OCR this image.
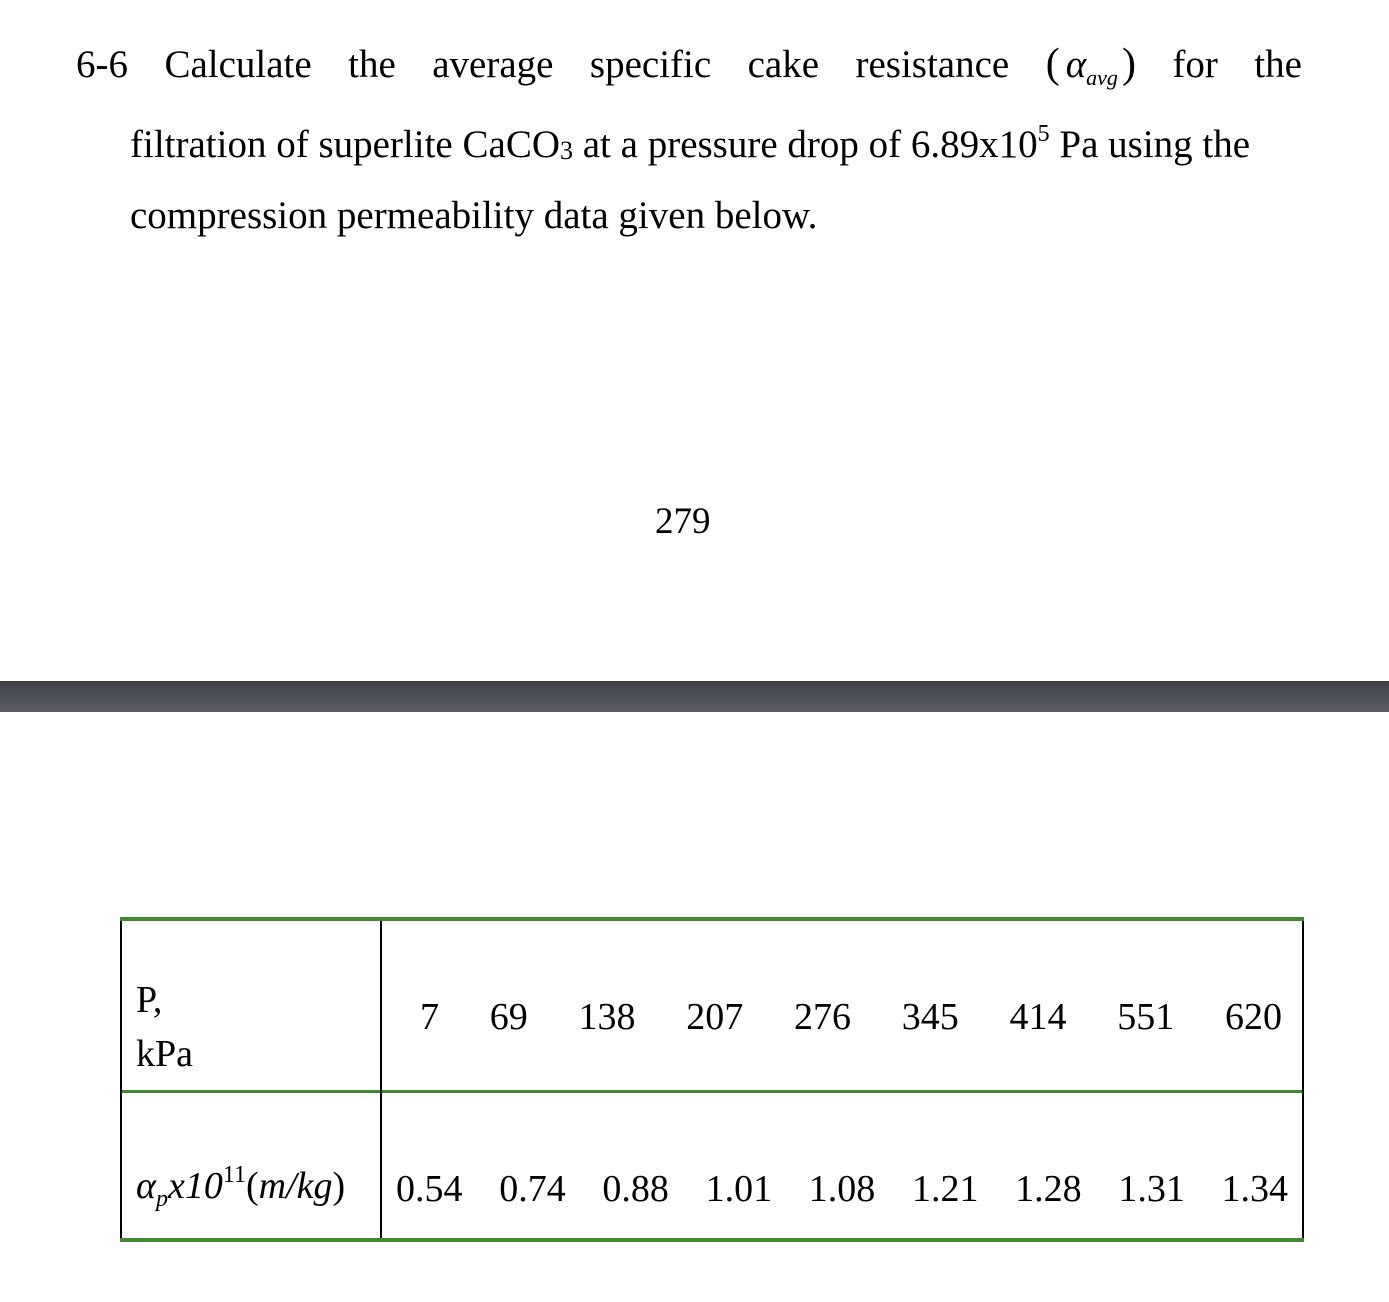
6-6 Calculate the average specific cake resistance ( α avg ) for the
filtration of superlite CaCO$_3$ at a pressure drop of $6.89x10^5$ Pa using the
compression permeability data given below.
279
P,
kPa
7 69 138 207 276 345 414 551 620
$\alpha_px10^{11}(m/kg)$ 0.54 0.74 0.88 1.01 1.08 1.21 1.28 1.31 1.34
